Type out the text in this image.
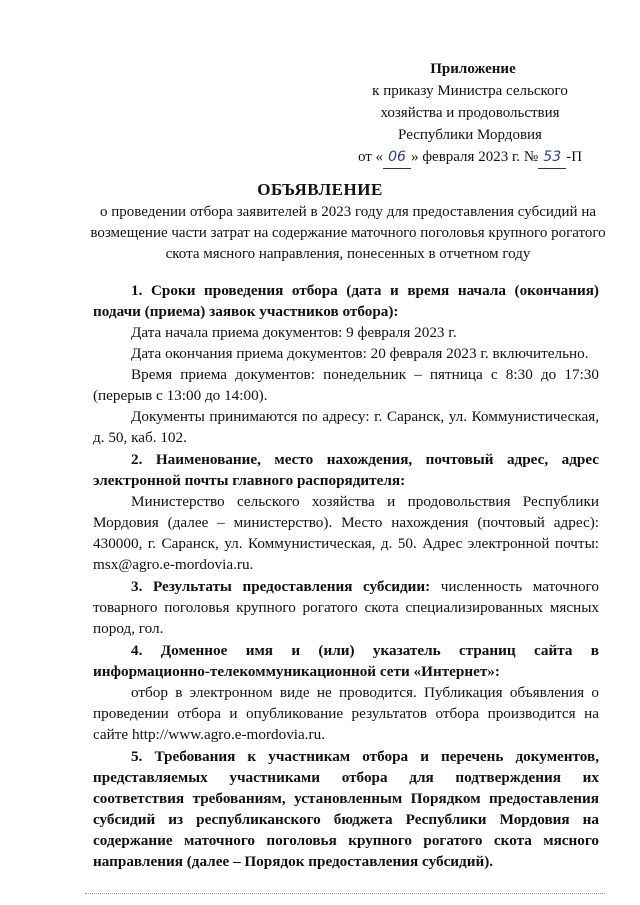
Приложение
к приказу Министра сельского
хозяйства и продовольствия
Республики Мордовия
от « 06 » февраля 2023 г. № 53 -П
ОБЪЯВЛЕНИЕ
о проведении отбора заявителей в 2023 году для предоставления субсидий на возмещение части затрат на содержание маточного поголовья крупного рогатого скота мясного направления, понесенных в отчетном году

1. Сроки проведения отбора (дата и время начала (окончания) подачи (приема) заявок участников отбора):

Дата начала приема документов: 9 февраля 2023 г.

Дата окончания приема документов: 20 февраля 2023 г. включительно.

Время приема документов: понедельник – пятница с 8:30 до 17:30 (перерыв с 13:00 до 14:00).

Документы принимаются по адресу: г. Саранск, ул. Коммунистическая, д. 50, каб. 102.

2. Наименование, место нахождения, почтовый адрес, адрес электронной почты главного распорядителя:

Министерство сельского хозяйства и продовольствия Республики Мордовия (далее – министерство). Место нахождения (почтовый адрес): 430000, г. Саранск, ул. Коммунистическая, д. 50. Адрес электронной почты: msx@agro.e-mordovia.ru.

3. Результаты предоставления субсидии: численность маточного товарного поголовья крупного рогатого скота специализированных мясных пород, гол.

4. Доменное имя и (или) указатель страниц сайта в информационно-телекоммуникационной сети «Интернет»:

отбор в электронном виде не проводится. Публикация объявления о проведении отбора и опубликование результатов отбора производится на сайте http://www.agro.e-mordovia.ru.

5. Требования к участникам отбора и перечень документов, представляемых участниками отбора для подтверждения их соответствия требованиям, установленным Порядком предоставления субсидий из республиканского бюджета Республики Мордовия на содержание маточного поголовья крупного рогатого скота мясного направления (далее – Порядок предоставления субсидий).
